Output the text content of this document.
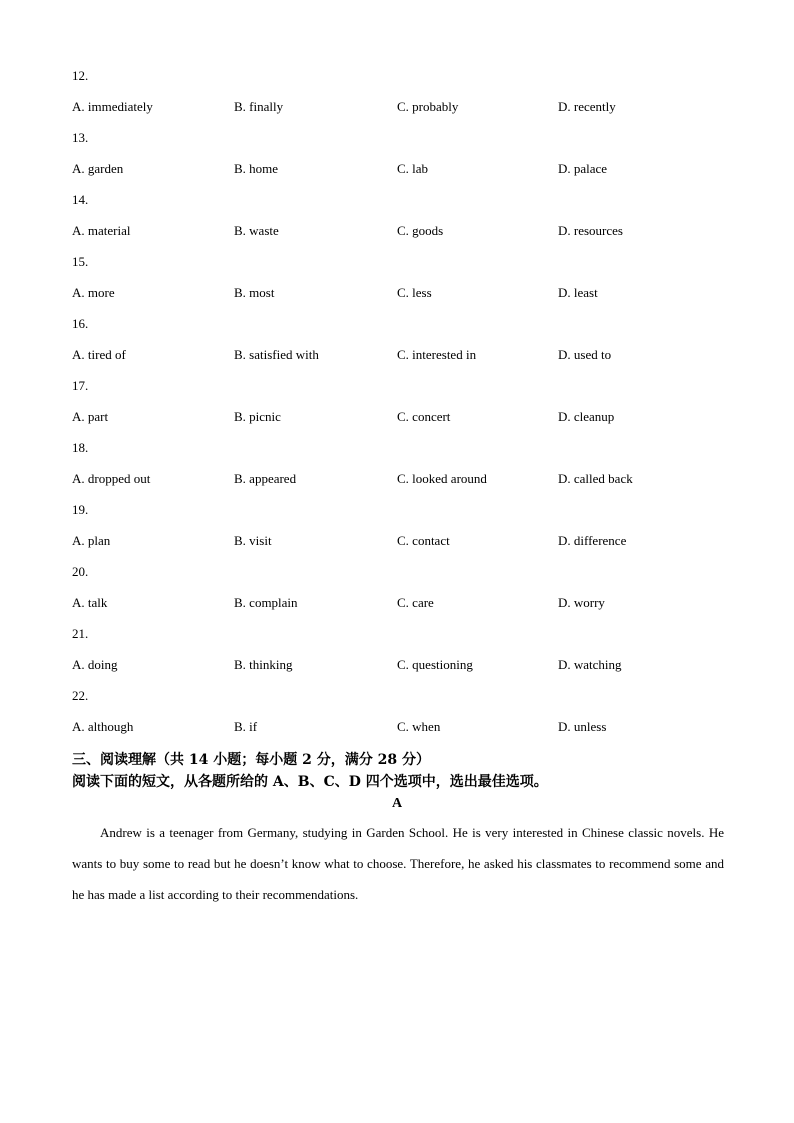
12.
A. immediately	B. finally	C. probably	D. recently
13.
A. garden	B. home	C. lab	D. palace
14.
A. material	B. waste	C. goods	D. resources
15.
A. more	B. most	C. less	D. least
16.
A. tired of	B. satisfied with	C. interested in	D. used to
17.
A. part	B. picnic	C. concert	D. cleanup
18.
A. dropped out	B. appeared	C. looked around	D. called back
19.
A. plan	B. visit	C. contact	D. difference
20.
A. talk	B. complain	C. care	D. worry
21.
A. doing	B. thinking	C. questioning	D. watching
22.
A. although	B. if	C. when	D. unless
三、阅读理解（共 14 小题；每小题 2 分，满分 28 分）
阅读下面的短文，从各题所给的 A、B、C、D 四个选项中，选出最佳选项。
A
Andrew is a teenager from Germany, studying in Garden School. He is very interested in Chinese classic novels. He wants to buy some to read but he doesn’t know what to choose. Therefore, he asked his classmates to recommend some and he has made a list according to their recommendations.
